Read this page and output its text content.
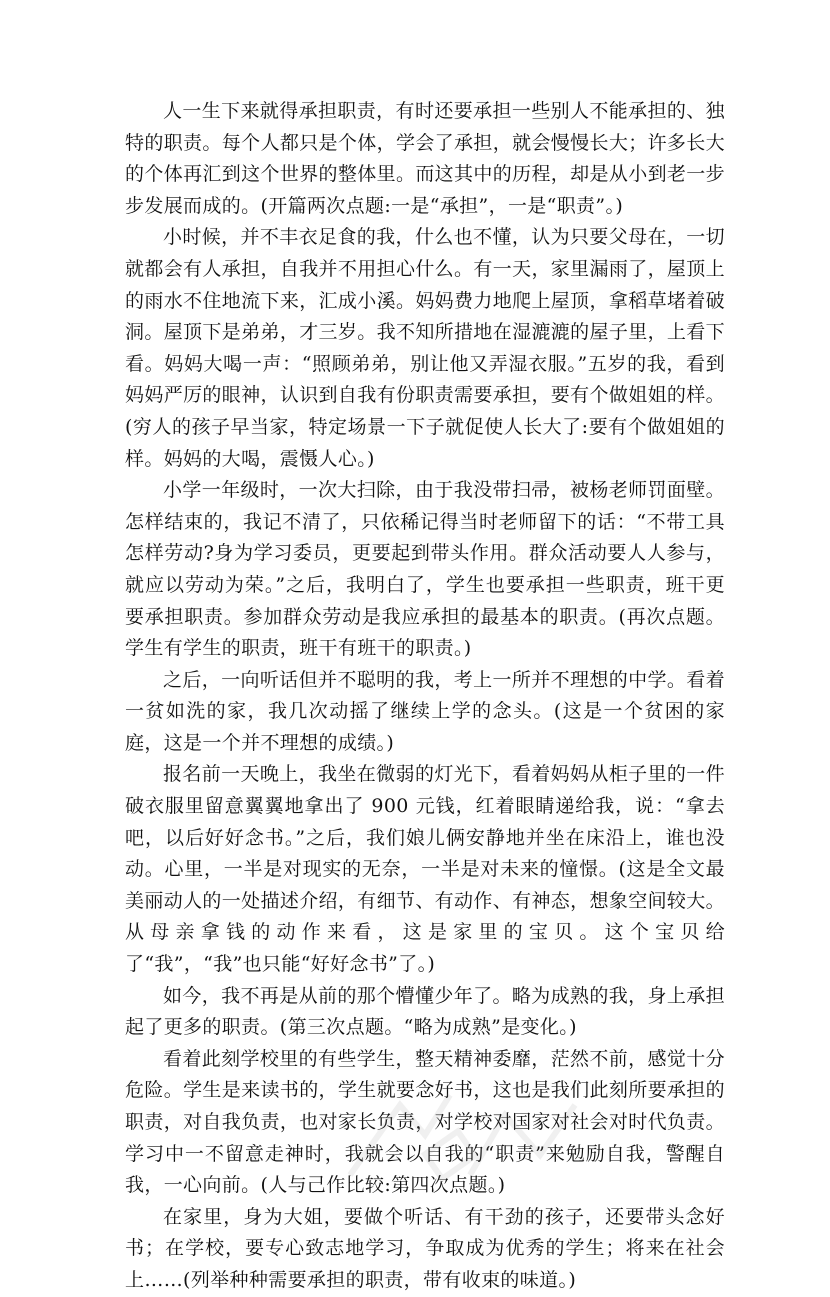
人一生下来就得承担职责，有时还要承担一些别人不能承担的、独特的职责。每个人都只是个体，学会了承担，就会慢慢长大；许多长大的个体再汇到这个世界的整体里。而这其中的历程，却是从小到老一步步发展而成的。(开篇两次点题:一是“承担”，一是“职责”。)

小时候，并不丰衣足食的我，什么也不懂，认为只要父母在，一切就都会有人承担，自我并不用担心什么。有一天，家里漏雨了，屋顶上的雨水不住地流下来，汇成小溪。妈妈费力地爬上屋顶，拿稻草堵着破洞。屋顶下是弟弟，才三岁。我不知所措地在湿漉漉的屋子里，上看下看。妈妈大喝一声：“照顾弟弟，别让他又弄湿衣服。”五岁的我，看到妈妈严厉的眼神，认识到自我有份职责需要承担，要有个做姐姐的样。(穷人的孩子早当家，特定场景一下子就促使人长大了:要有个做姐姐的样。妈妈的大喝，震慑人心。)

小学一年级时，一次大扫除，由于我没带扫帚，被杨老师罚面壁。怎样结束的，我记不清了，只依稀记得当时老师留下的话：“不带工具怎样劳动?身为学习委员，更要起到带头作用。群众活动要人人参与，就应以劳动为荣。”之后，我明白了，学生也要承担一些职责，班干更要承担职责。参加群众劳动是我应承担的最基本的职责。(再次点题。学生有学生的职责，班干有班干的职责。)

之后，一向听话但并不聪明的我，考上一所并不理想的中学。看着一贫如洗的家，我几次动摇了继续上学的念头。(这是一个贫困的家庭，这是一个并不理想的成绩。)

报名前一天晚上，我坐在微弱的灯光下，看着妈妈从柜子里的一件破衣服里留意翼翼地拿出了 900 元钱，红着眼睛递给我，说：“拿去吧，以后好好念书。”之后，我们娘儿俩安静地并坐在床沿上，谁也没动。心里，一半是对现实的无奈，一半是对未来的憧憬。(这是全文最美丽动人的一处描述介绍，有细节、有动作、有神态，想象空间较大。从母亲拿钱的动作来看，这是家里的宝贝。这个宝贝给了“我”，“我”也只能“好好念书”了。)

如今，我不再是从前的那个懵懂少年了。略为成熟的我，身上承担起了更多的职责。(第三次点题。“略为成熟”是变化。)

看着此刻学校里的有些学生，整天精神委靡，茫然不前，感觉十分危险。学生是来读书的，学生就要念好书，这也是我们此刻所要承担的职责，对自我负责，也对家长负责，对学校对国家对社会对时代负责。学习中一不留意走神时，我就会以自我的“职责”来勉励自我，警醒自我，一心向前。(人与己作比较:第四次点题。)

在家里，身为大姐，要做个听话、有干劲的孩子，还要带头念好书；在学校，要专心致志地学习，争取成为优秀的学生；将来在社会上……(列举种种需要承担的职责，带有收束的味道。)
